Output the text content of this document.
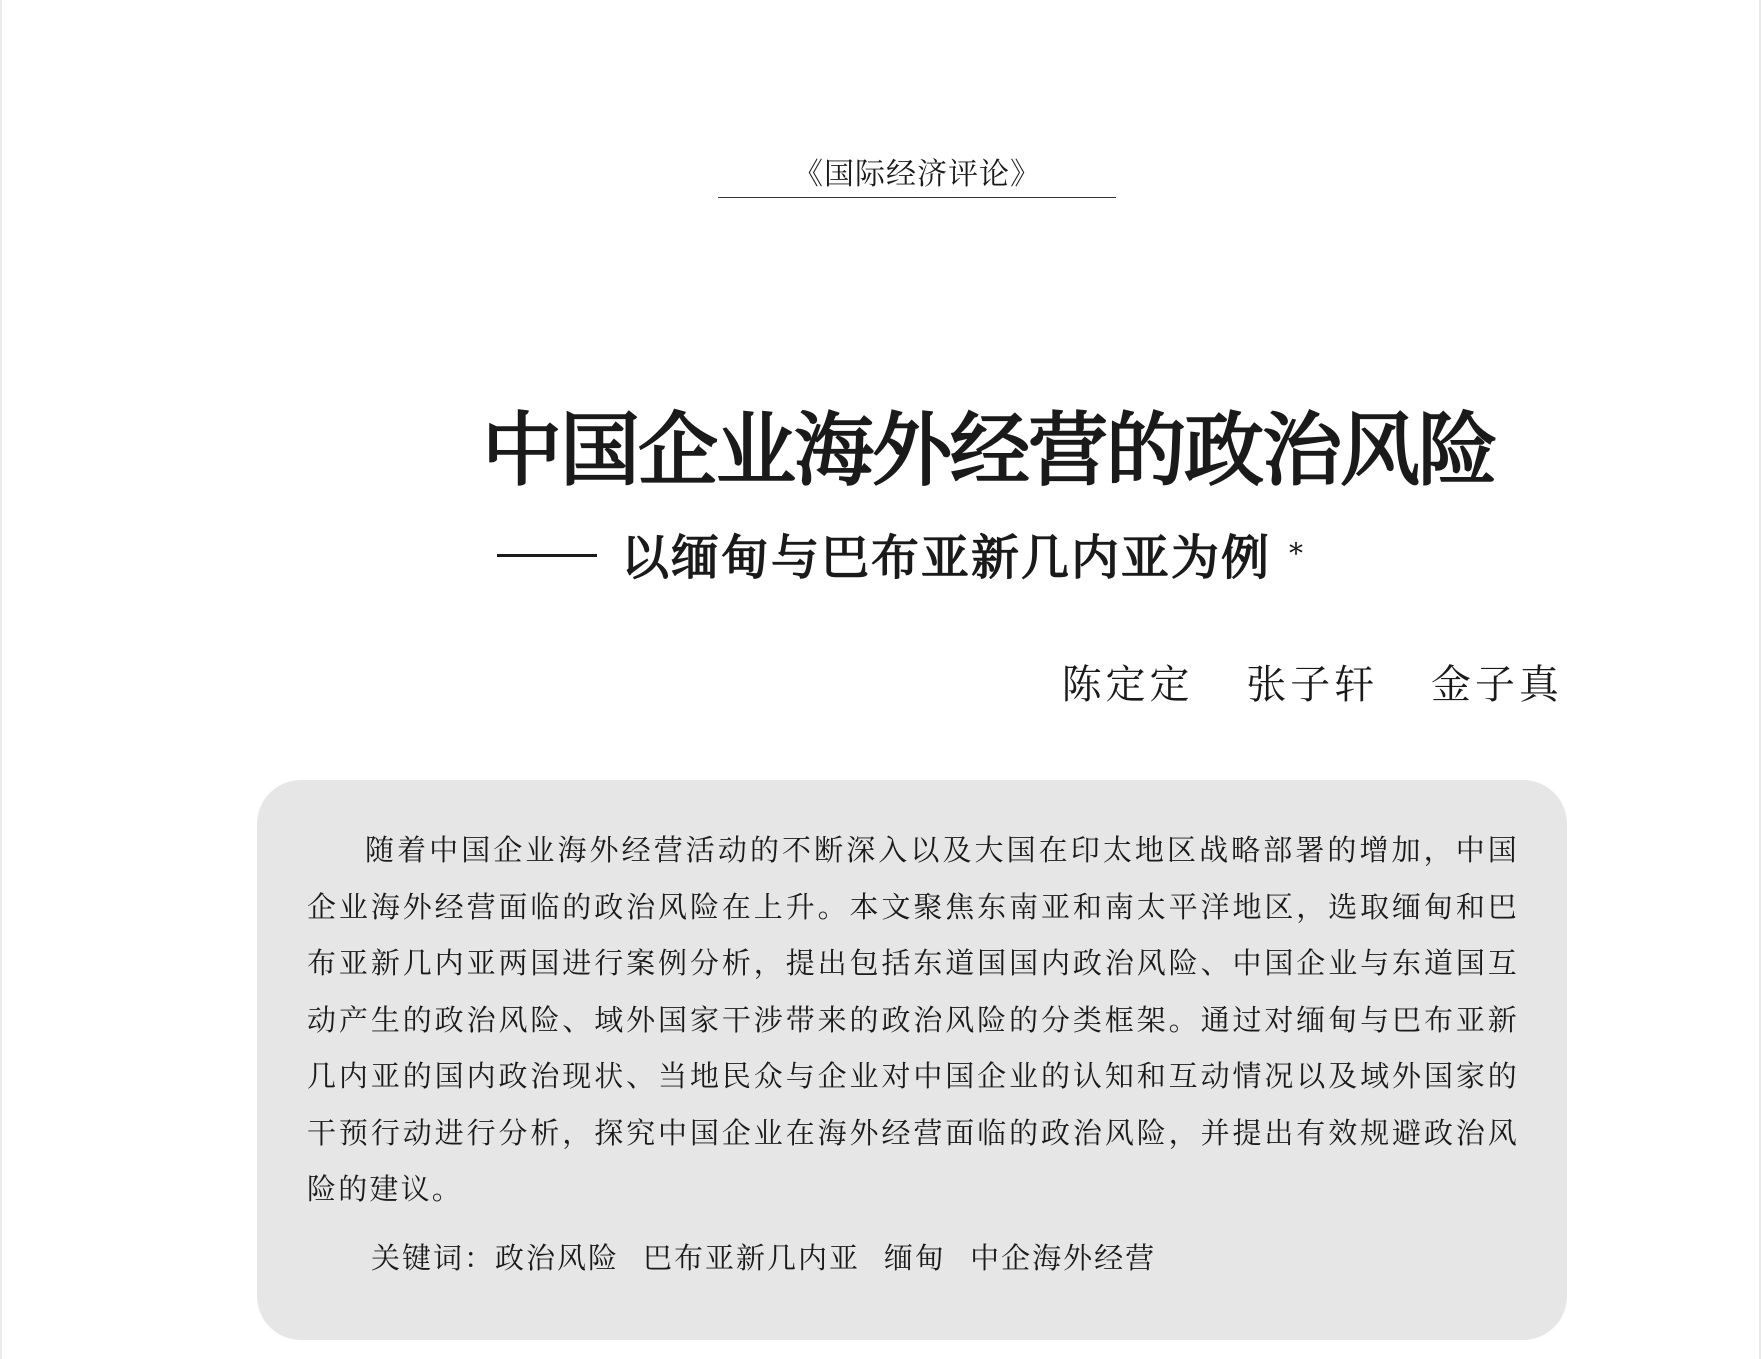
《国际经济评论》
中国企业海外经营的政治风险
以缅甸与巴布亚新几内亚为例 *
陈定定 张子轩 金子真

随着中国企业海外经营活动的不断深入以及大国在印太地区战略部署的增加，中国企业海外经营面临的政治风险在上升。本文聚焦东南亚和南太平洋地区，选取缅甸和巴布亚新几内亚两国进行案例分析，提出包括东道国国内政治风险、中国企业与东道国互动产生的政治风险、域外国家干涉带来的政治风险的分类框架。通过对缅甸与巴布亚新几内亚的国内政治现状、当地民众与企业对中国企业的认知和互动情况以及域外国家的干预行动进行分析，探究中国企业在海外经营面临的政治风险，并提出有效规避政治风险的建议。

关键词：政治风险 巴布亚新几内亚 缅甸 中企海外经营
